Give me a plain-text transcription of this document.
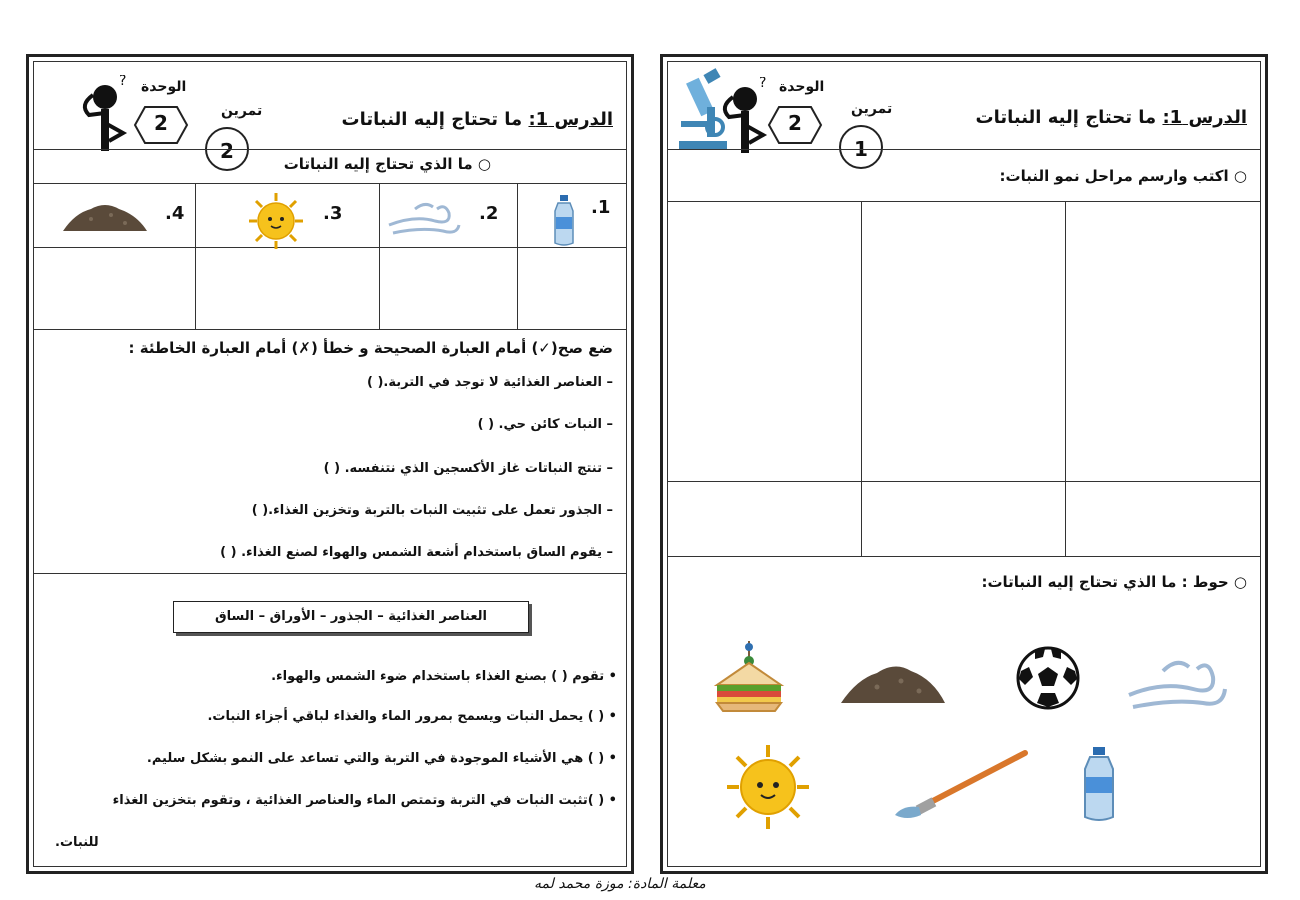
? الوحدة
2	تمرين
2
الدرس 1: ما تحتاج إليه النباتات
○ ما الذي تحتاج إليه النباتات
.1
.2
.3
.4
ضع صح(✓) أمام العبارة الصحيحة و خطأ (✗) أمام العبارة الخاطئة :
– العناصر الغذائية لا توجد في التربة.( )
– النبات كائن حي. ( )
– تنتج النباتات غاز الأكسجين الذي نتنفسه. ( )
– الجذور تعمل على تثبيت النبات بالتربة وتخزين الغذاء.( )
– يقوم الساق باستخدام أشعة الشمس والهواء لصنع الغذاء. ( )
العناصر الغذائية – الجذور – الأوراق – الساق
• تقوم ( ) بصنع الغذاء باستخدام ضوء الشمس والهواء.
• ( ) يحمل النبات ويسمح بمرور الماء والغذاء لباقي أجزاء النبات.
• ( ) هي الأشياء الموجودة في التربة والتي تساعد على النمو بشكل سليم.
• ( )تثبت النبات في التربة وتمتص الماء والعناصر الغذائية ، وتقوم بتخزين الغذاء
للنبات.
? الوحدة
2
تمرين
1
الدرس 1: ما تحتاج إليه النباتات
○ اكتب وارسم مراحل نمو النبات:
○ حوط : ما الذي تحتاج إليه النباتات:
معلمة المادة: موزة محمد لمه
